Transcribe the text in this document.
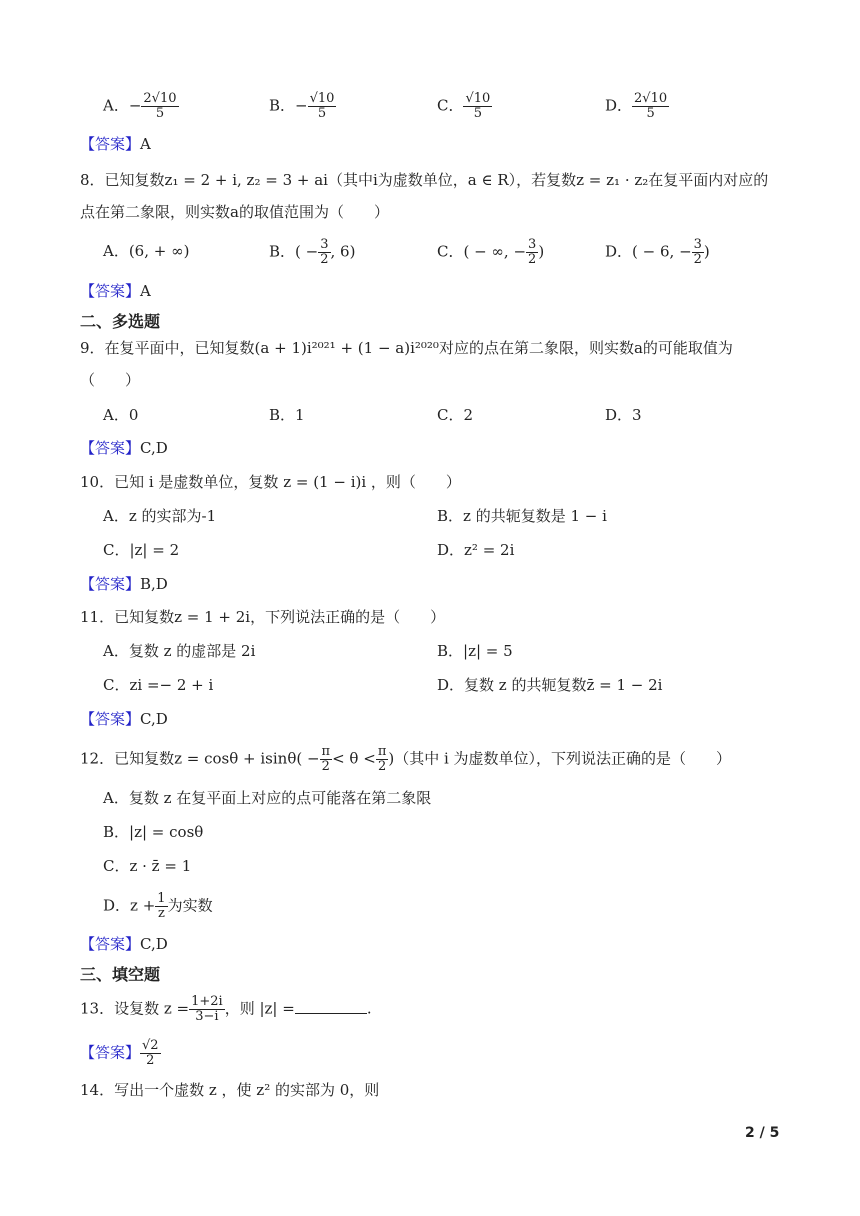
A．− $\frac{2√10}{5}$	B．− $\frac{√10}{5}$	C． $\frac{√10}{5}$	D． $\frac{2√10}{5}$
【答案】A
8．已知复数z₁ = 2 + i, z₂ = 3 + ai（其中i为虚数单位，a ∈ R），若复数z = z₁ · z₂在复平面内对应的
点在第二象限，则实数a的取值范围为（　　）
A．(6, + ∞)	B．( − $\frac{3}{2}$ , 6)	C．( − ∞, − $\frac{3}{2}$ )	D．( − 6, − $\frac{3}{2}$ )
【答案】A
二、多选题
9．在复平面中，已知复数(a + 1)i²⁰²¹ + (1 − a)i²⁰²⁰对应的点在第二象限，则实数a的可能取值为
（　　）
A．0	B．1	C．2	D．3
【答案】C,D
10．已知 i 是虚数单位，复数 z = (1 − i)i ，则（　　）
A．z 的实部为-1	B．z 的共轭复数是 1 − i
C．|z| = 2	D．z² = 2i
【答案】B,D
11．已知复数z = 1 + 2i，下列说法正确的是（　　）
A．复数 z 的虚部是 2i	B．|z| = 5
C．zi =− 2 + i	D．复数 z 的共轭复数z̄ = 1 − 2i
【答案】C,D
12．已知复数$z = \cos\theta + isin\theta( - \frac{\pi}{2} < \theta < \frac{\pi}{2}$ )（其中 i 为虚数单位），下列说法正确的是（　　）
A．复数 z 在复平面上对应的点可能落在第二象限
B．|z| = cosθ
C．z · z̄ = 1
D．$z + \frac{1}{z}$ 为实数
【答案】C,D
三、填空题
13．设复数 $z = \frac{1+2i}{3-i}$ ，则 |z| =	.
【答案】 $\frac{√2}{2}$
14．写出一个虚数 z ，使 z² 的实部为 0，则
2 / 5
